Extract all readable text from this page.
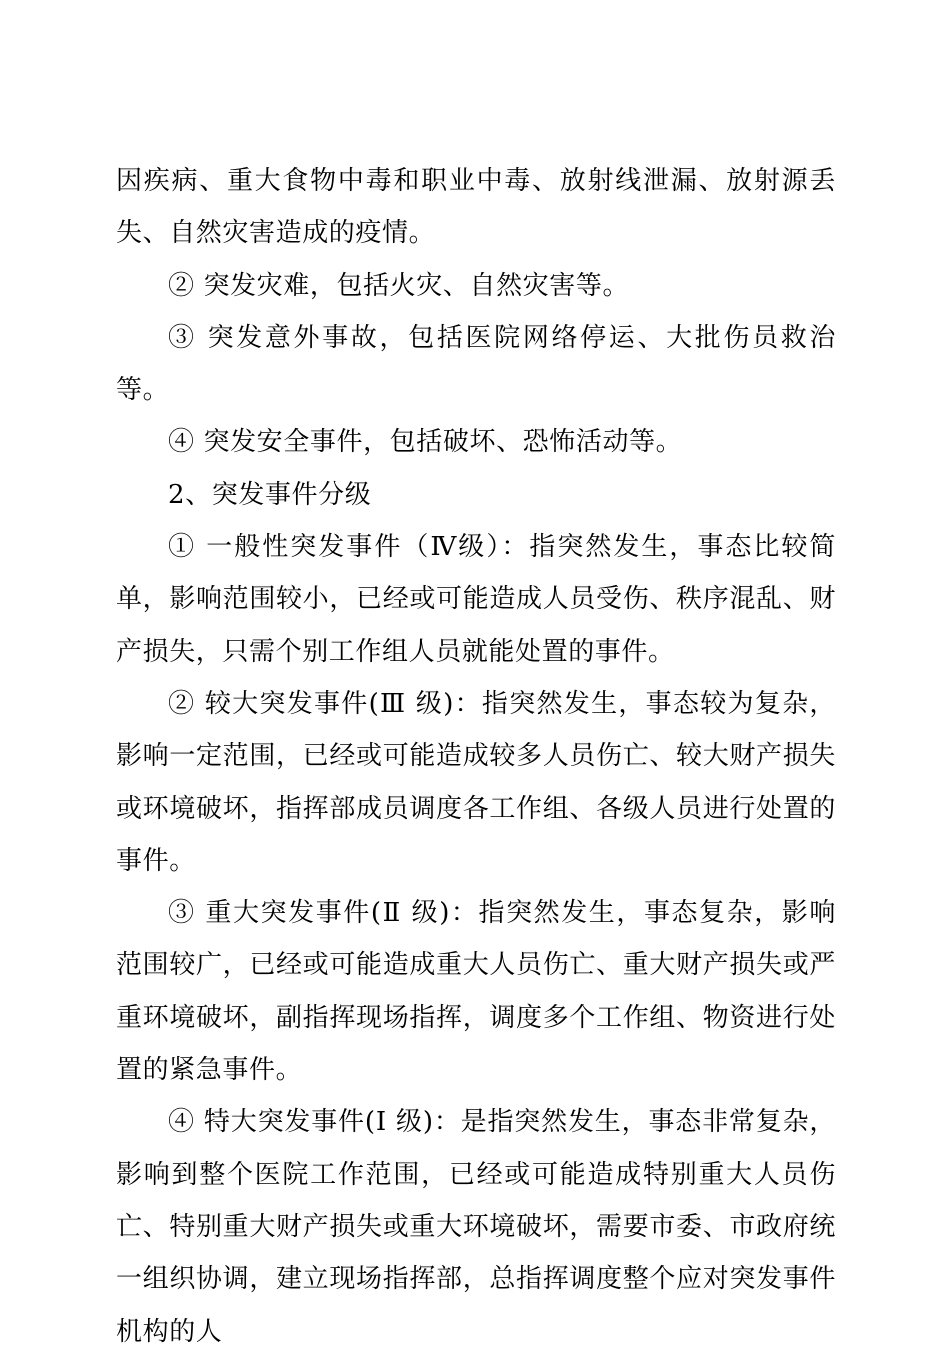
因疾病、重大食物中毒和职业中毒、放射线泄漏、放射源丢失、自然灾害造成的疫情。

② 突发灾难，包括火灾、自然灾害等。

③ 突发意外事故，包括医院网络停运、大批伤员救治等。

④ 突发安全事件，包括破坏、恐怖活动等。

2、突发事件分级

① 一般性突发事件（Ⅳ级）：指突然发生，事态比较简单，影响范围较小，已经或可能造成人员受伤、秩序混乱、财产损失，只需个别工作组人员就能处置的事件。

② 较大突发事件(Ⅲ 级)：指突然发生，事态较为复杂，影响一定范围，已经或可能造成较多人员伤亡、较大财产损失或环境破坏，指挥部成员调度各工作组、各级人员进行处置的事件。

③ 重大突发事件(Ⅱ 级)：指突然发生，事态复杂，影响范围较广，已经或可能造成重大人员伤亡、重大财产损失或严重环境破坏，副指挥现场指挥，调度多个工作组、物资进行处置的紧急事件。

④ 特大突发事件(Ⅰ 级)：是指突然发生，事态非常复杂，影响到整个医院工作范围，已经或可能造成特别重大人员伤亡、特别重大财产损失或重大环境破坏，需要市委、市政府统一组织协调，建立现场指挥部，总指挥调度整个应对突发事件机构的人
